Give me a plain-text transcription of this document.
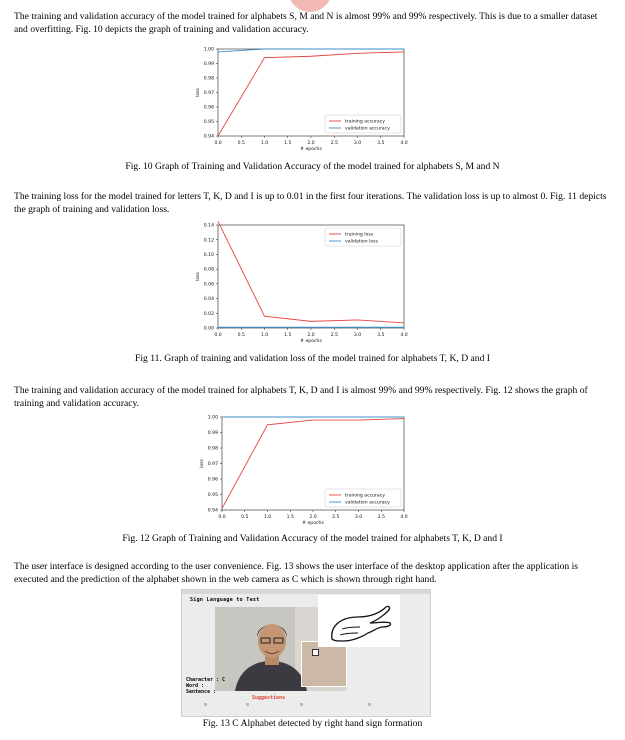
The training and validation accuracy of the model trained for alphabets S, M and N is almost 99% and 99% respectively. This is due to a smaller dataset and overfitting. Fig. 10 depicts the graph of training and validation accuracy.

0.0	0.5	1.0	1.5	2.0	2.5	3.0	3.5	4.0
0.94
0.95
0.96
0.97
0.98
0.99
1.00
# epochs
loss
training accuracy
validation accuracy
Fig. 10 Graph of Training and Validation Accuracy of the model trained for alphabets S, M and N

The training loss for the model trained for letters T, K, D and I is up to 0.01 in the first four iterations. The validation loss is up to almost 0. Fig. 11 depicts the graph of training and validation loss.

0.0	0.5	1.0	1.5	2.0	2.5	3.0	3.5	4.0
0.00
0.02
0.04
0.06
0.08
0.10
0.12
0.14
# epochs
loss
training loss
validation loss
Fig 11. Graph of training and validation loss of the model trained for alphabets T, K, D and I

The training and validation accuracy of the model trained for alphabets T, K, D and I is almost 99% and 99% respectively. Fig. 12 shows the graph of training and validation accuracy.

0.0	0.5	1.0	1.5	2.0	2.5	3.0	3.5	4.0
0.94
0.95
0.96
0.97
0.98
0.99
1.00
# epochs
loss
training accuracy
validation accuracy
Fig. 12 Graph of Training and Validation Accuracy of the model trained for alphabets T, K, D and I

The user interface is designed according to the user convenience. Fig. 13 shows the user interface of the desktop application after the application is executed and the prediction of the alphabet shown in the web camera as C which is shown through right hand.

Sign Language to Text
Character : C
Word :
Sentence :
Suggestions
Fig. 13 C Alphabet detected by right hand sign formation
